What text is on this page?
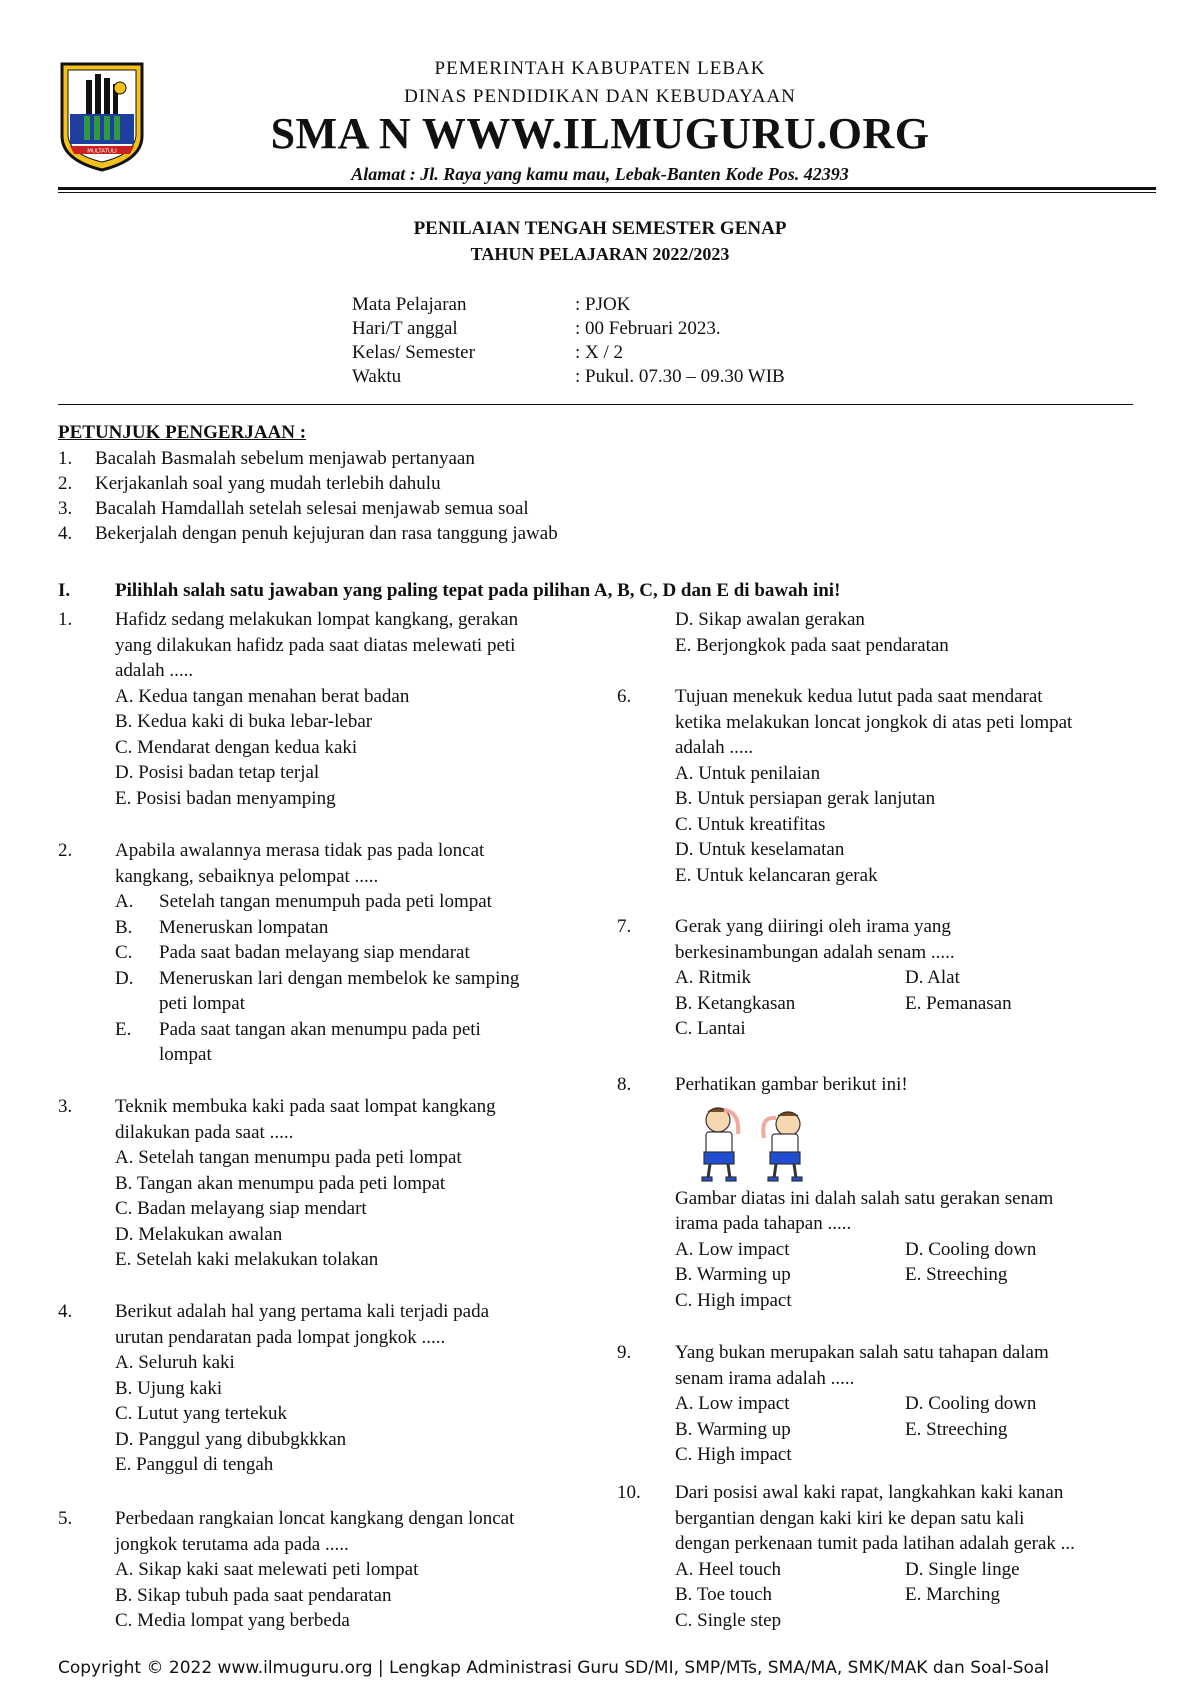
MULTATULI
PEMERINTAH KABUPATEN LEBAK
DINAS PENDIDIKAN DAN KEBUDAYAAN
SMA N WWW.ILMUGURU.ORG
Alamat : Jl. Raya yang kamu mau, Lebak-Banten Kode Pos. 42393
PENILAIAN TENGAH SEMESTER GENAP
TAHUN PELAJARAN 2022/2023
Mata Pelajaran	: PJOK
Hari/T anggal	: 00 Februari 2023.
Kelas/ Semester	: X / 2
Waktu	: Pukul. 07.30 – 09.30 WIB
PETUNJUK PENGERJAAN :
1. Bacalah Basmalah sebelum menjawab pertanyaan
2. Kerjakanlah soal yang mudah terlebih dahulu
3. Bacalah Hamdallah setelah selesai menjawab semua soal
4. Bekerjalah dengan penuh kejujuran dan rasa tanggung jawab
I. Pilihlah salah satu jawaban yang paling tepat pada pilihan A, B, C, D dan E di bawah ini!
1. Hafidz sedang melakukan lompat kangkang, gerakan
yang dilakukan hafidz pada saat diatas melewati peti
adalah .....
A. Kedua tangan menahan berat badan
B. Kedua kaki di buka lebar-lebar
C. Mendarat dengan kedua kaki
D. Posisi badan tetap terjal
E. Posisi badan menyamping
2. Apabila awalannya merasa tidak pas pada loncat
kangkang, sebaiknya pelompat .....
A. Setelah tangan menumpuh pada peti lompat
B. Meneruskan lompatan
C. Pada saat badan melayang siap mendarat
D. Meneruskan lari dengan membelok ke samping
peti lompat
E. Pada saat tangan akan menumpu pada peti
lompat
3. Teknik membuka kaki pada saat lompat kangkang
dilakukan pada saat .....
A. Setelah tangan menumpu pada peti lompat
B. Tangan akan menumpu pada peti lompat
C. Badan melayang siap mendart
D. Melakukan awalan
E. Setelah kaki melakukan tolakan
4. Berikut adalah hal yang pertama kali terjadi pada
urutan pendaratan pada lompat jongkok .....
A. Seluruh kaki
B. Ujung kaki
C. Lutut yang tertekuk
D. Panggul yang dibubgkkkan
E. Panggul di tengah
5. Perbedaan rangkaian loncat kangkang dengan loncat
jongkok terutama ada pada .....
A. Sikap kaki saat melewati peti lompat
B. Sikap tubuh pada saat pendaratan
C. Media lompat yang berbeda
D. Sikap awalan gerakan
E. Berjongkok pada saat pendaratan
6. Tujuan menekuk kedua lutut pada saat mendarat
ketika melakukan loncat jongkok di atas peti lompat
adalah .....
A. Untuk penilaian
B. Untuk persiapan gerak lanjutan
C. Untuk kreatifitas
D. Untuk keselamatan
E. Untuk kelancaran gerak
7. Gerak yang diiringi oleh irama yang
berkesinambungan adalah senam .....
A. Ritmik	D. Alat
B. Ketangkasan	E. Pemanasan
C. Lantai
8. Perhatikan gambar berikut ini!
Gambar diatas ini dalah salah satu gerakan senam
irama pada tahapan .....
A. Low impact	D. Cooling down
B. Warming up	E. Streeching
C. High impact
9. Yang bukan merupakan salah satu tahapan dalam
senam irama adalah .....
A. Low impact	D. Cooling down
B. Warming up	E. Streeching
C. High impact
10. Dari posisi awal kaki rapat, langkahkan kaki kanan
bergantian dengan kaki kiri ke depan satu kali
dengan perkenaan tumit pada latihan adalah gerak ...
A. Heel touch	D. Single linge
B. Toe touch	E. Marching
C. Single step
Copyright © 2022 www.ilmuguru.org | Lengkap Administrasi Guru SD/MI, SMP/MTs, SMA/MA, SMK/MAK dan Soal-Soal
